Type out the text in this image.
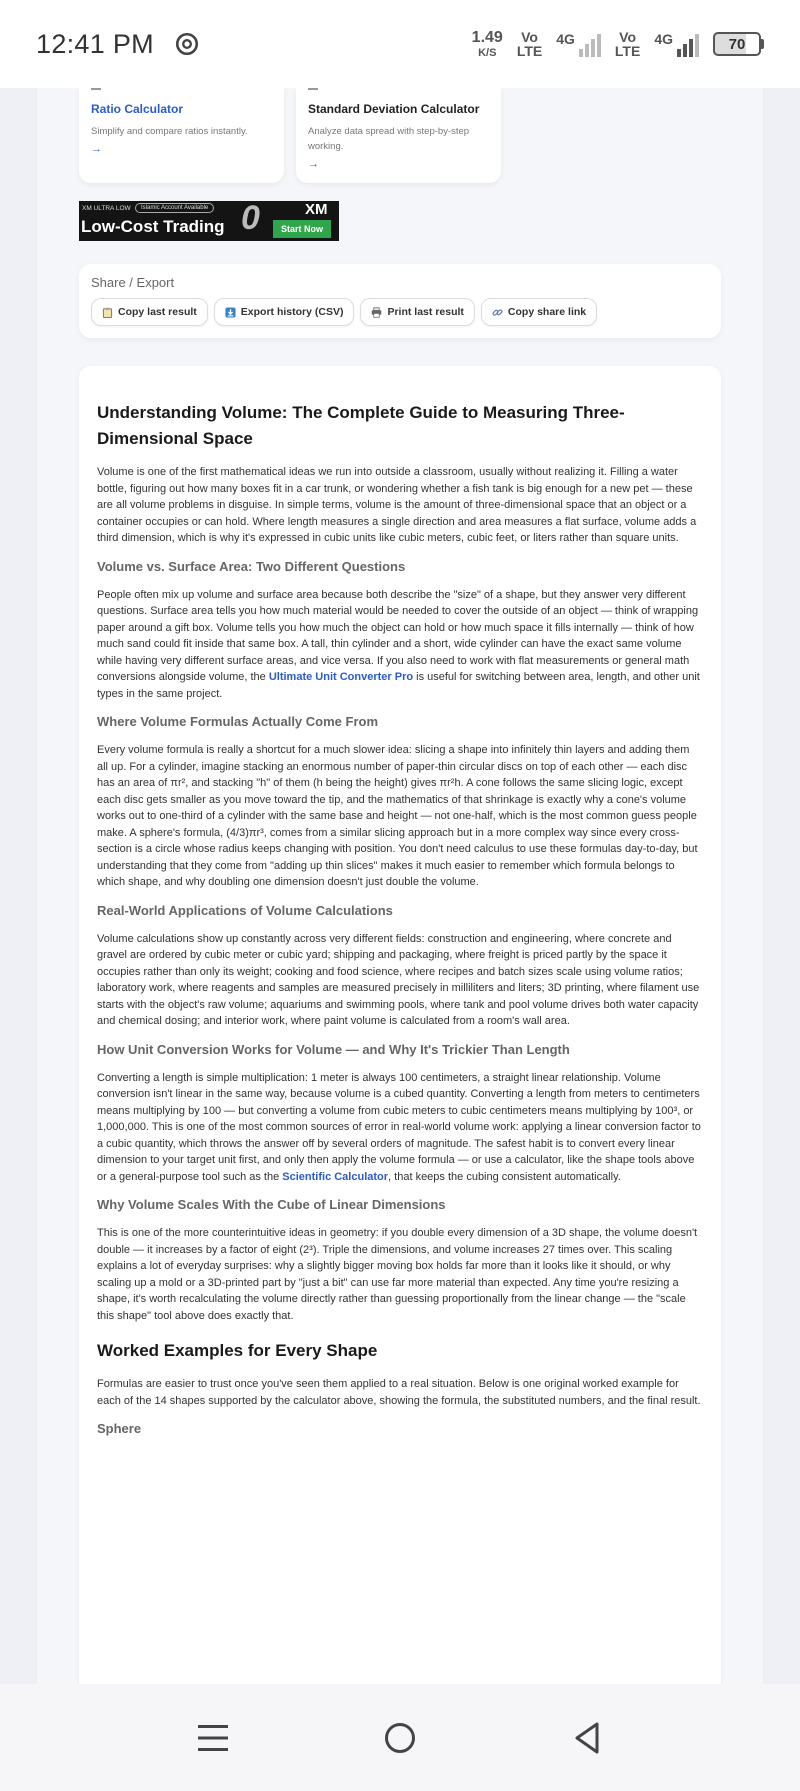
12:41 PM	1.49
K/S
Vo
LTE
4G	Vo
LTE
4G	70
Ratio Calculator
Simplify and compare ratios instantly.
→
Standard Deviation Calculator
Analyze data spread with step-by-step working.
→
XM ULTRA LOW	Islamic Account Available
Low-Cost Trading 0	XM
Start Now
Share / Export
Copy last result	Export history (CSV)	Print last result	Copy share link
Understanding Volume: The Complete Guide to Measuring Three-Dimensional Space

Volume is one of the first mathematical ideas we run into outside a classroom, usually without realizing it. Filling a water bottle, figuring out how many boxes fit in a car trunk, or wondering whether a fish tank is big enough for a new pet — these are all volume problems in disguise. In simple terms, volume is the amount of three-dimensional space that an object or a container occupies or can hold. Where length measures a single direction and area measures a flat surface, volume adds a third dimension, which is why it's expressed in cubic units like cubic meters, cubic feet, or liters rather than square units.

Volume vs. Surface Area: Two Different Questions

People often mix up volume and surface area because both describe the "size" of a shape, but they answer very different questions. Surface area tells you how much material would be needed to cover the outside of an object — think of wrapping paper around a gift box. Volume tells you how much the object can hold or how much space it fills internally — think of how much sand could fit inside that same box. A tall, thin cylinder and a short, wide cylinder can have the exact same volume while having very different surface areas, and vice versa. If you also need to work with flat measurements or general math conversions alongside volume, the Ultimate Unit Converter Pro is useful for switching between area, length, and other unit types in the same project.

Where Volume Formulas Actually Come From

Every volume formula is really a shortcut for a much slower idea: slicing a shape into infinitely thin layers and adding them all up. For a cylinder, imagine stacking an enormous number of paper-thin circular discs on top of each other — each disc has an area of πr², and stacking "h" of them (h being the height) gives πr²h. A cone follows the same slicing logic, except each disc gets smaller as you move toward the tip, and the mathematics of that shrinkage is exactly why a cone's volume works out to one-third of a cylinder with the same base and height — not one-half, which is the most common guess people make. A sphere's formula, (4/3)πr³, comes from a similar slicing approach but in a more complex way since every cross-section is a circle whose radius keeps changing with position. You don't need calculus to use these formulas day-to-day, but understanding that they come from "adding up thin slices" makes it much easier to remember which formula belongs to which shape, and why doubling one dimension doesn't just double the volume.

Real-World Applications of Volume Calculations

Volume calculations show up constantly across very different fields: construction and engineering, where concrete and gravel are ordered by cubic meter or cubic yard; shipping and packaging, where freight is priced partly by the space it occupies rather than only its weight; cooking and food science, where recipes and batch sizes scale using volume ratios; laboratory work, where reagents and samples are measured precisely in milliliters and liters; 3D printing, where filament use starts with the object's raw volume; aquariums and swimming pools, where tank and pool volume drives both water capacity and chemical dosing; and interior work, where paint volume is calculated from a room's wall area.

How Unit Conversion Works for Volume — and Why It's Trickier Than Length

Converting a length is simple multiplication: 1 meter is always 100 centimeters, a straight linear relationship. Volume conversion isn't linear in the same way, because volume is a cubed quantity. Converting a length from meters to centimeters means multiplying by 100 — but converting a volume from cubic meters to cubic centimeters means multiplying by 100³, or 1,000,000. This is one of the most common sources of error in real-world volume work: applying a linear conversion factor to a cubic quantity, which throws the answer off by several orders of magnitude. The safest habit is to convert every linear dimension to your target unit first, and only then apply the volume formula — or use a calculator, like the shape tools above or a general-purpose tool such as the Scientific Calculator, that keeps the cubing consistent automatically.

Why Volume Scales With the Cube of Linear Dimensions

This is one of the more counterintuitive ideas in geometry: if you double every dimension of a 3D shape, the volume doesn't double — it increases by a factor of eight (2³). Triple the dimensions, and volume increases 27 times over. This scaling explains a lot of everyday surprises: why a slightly bigger moving box holds far more than it looks like it should, or why scaling up a mold or a 3D-printed part by "just a bit" can use far more material than expected. Any time you're resizing a shape, it's worth recalculating the volume directly rather than guessing proportionally from the linear change — the "scale this shape" tool above does exactly that.

Worked Examples for Every Shape

Formulas are easier to trust once you've seen them applied to a real situation. Below is one original worked example for each of the 14 shapes supported by the calculator above, showing the formula, the substituted numbers, and the final result.

Sphere
